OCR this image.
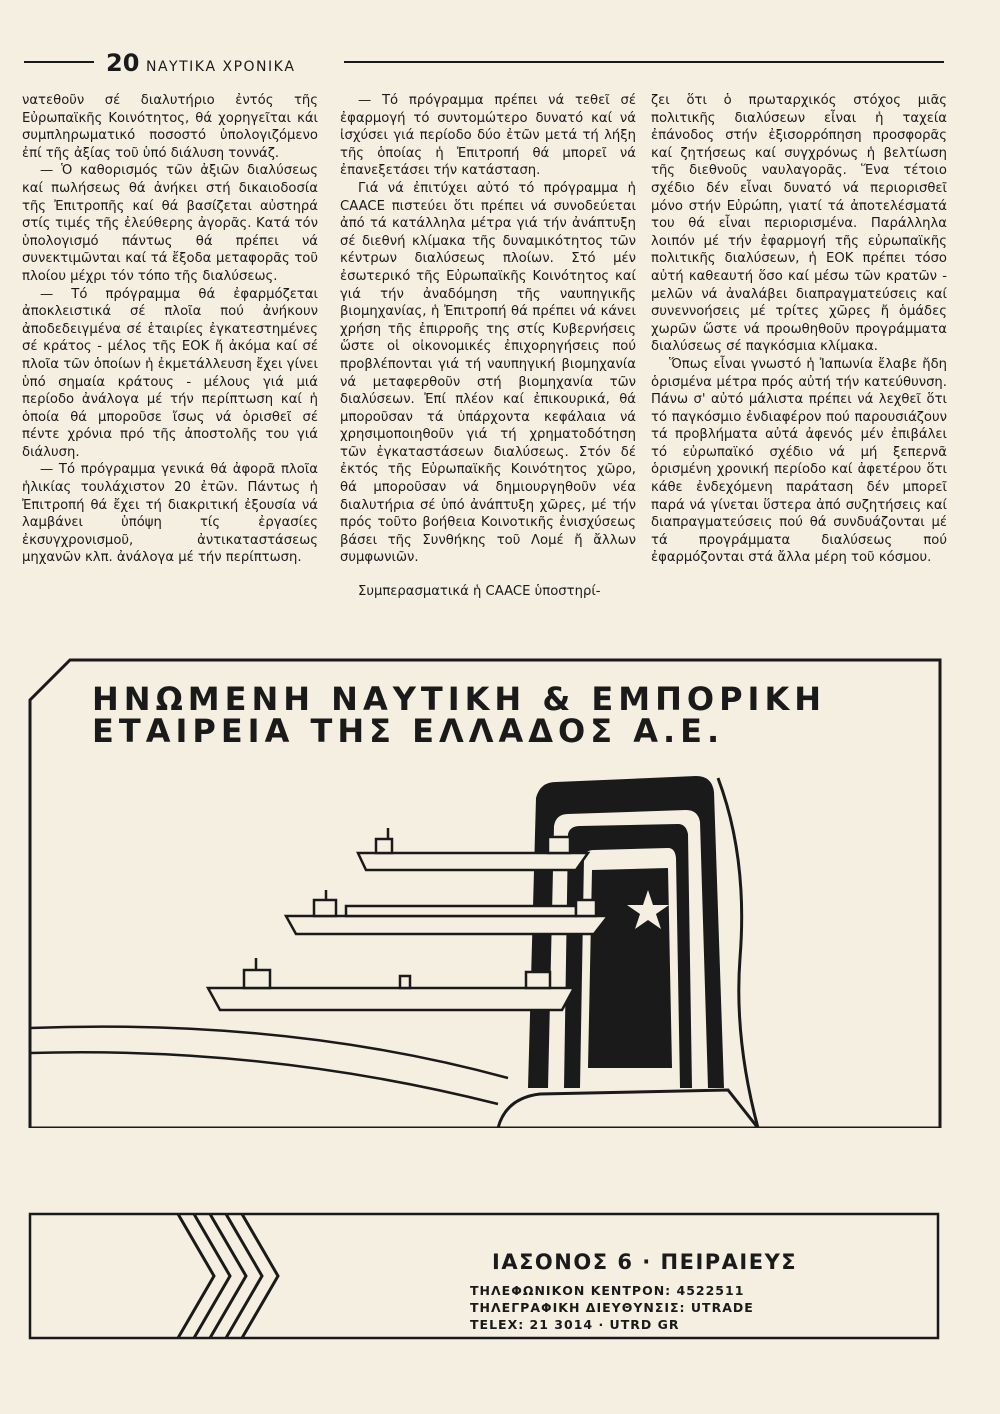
20 ΝΑΥΤΙΚΑ ΧΡΟΝΙΚΑ

νατεθοῦν σέ διαλυτήριο ἐντός τῆς Εὐρωπαϊκῆς Κοινότητος, θά χορηγεῖται κάι συμπληρωματικό ποσοστό ὑπολογιζόμενο ἐπί τῆς ἀξίας τοῦ ὑπό διάλυση τοννάζ.

— Ὁ καθορισμός τῶν ἀξιῶν διαλύσεως καί πωλήσεως θά ἀνήκει στή δικαιοδοσία τῆς Ἐπιτροπῆς καί θά βασίζεται αὐστηρά στίς τιμές τῆς ἐλεύθερης ἀγορᾶς. Κατά τόν ὑπολογισμό πάντως θά πρέπει νά συνεκτιμῶνται καί τά ἔξοδα μεταφορᾶς τοῦ πλοίου μέχρι τόν τόπο τῆς διαλύσεως.

— Τό πρόγραμμα θά ἐφαρμόζεται ἀποκλειστικά σέ πλοῖα πού ἀνήκουν ἀποδεδειγμένα σέ ἑταιρίες ἐγκατεστημένες σέ κράτος - μέλος τῆς ΕΟΚ ἤ ἀκόμα καί σέ πλοῖα τῶν ὁποίων ἡ ἐκμετάλλευση ἔχει γίνει ὑπό σημαία κράτους - μέλους γιά μιά περίοδο ἀνάλογα μέ τήν περίπτωση καί ἡ ὁποία θά μποροῦσε ἴσως νά ὁρισθεῖ σέ πέντε χρόνια πρό τῆς ἀποστολῆς του γιά διάλυση.

— Τό πρόγραμμα γενικά θά ἀφορᾶ πλοῖα ἡλικίας τουλάχιστον 20 ἐτῶν. Πάντως ἡ Ἐπιτροπή θά ἔχει τή διακριτική ἐξουσία νά λαμβάνει ὑπόψη τίς ἐργασίες ἐκσυγχρονισμοῦ, ἀντικαταστάσεως μηχανῶν κλπ. ἀνάλογα μέ τήν περίπτωση.

— Τό πρόγραμμα πρέπει νά τεθεῖ σέ ἐφαρμογή τό συντομώτερο δυνατό καί νά ἰσχύσει γιά περίοδο δύο ἐτῶν μετά τή λήξη τῆς ὁποίας ἡ Ἐπιτροπή θά μπορεῖ νά ἐπανεξετάσει τήν κατάσταση.

Γιά νά ἐπιτύχει αὐτό τό πρόγραμμα ἡ CAACE πιστεύει ὅτι πρέπει νά συνοδεύεται ἀπό τά κατάλληλα μέτρα γιά τήν ἀνάπτυξη σέ διεθνή κλίμακα τῆς δυναμικότητος τῶν κέντρων διαλύσεως πλοίων. Στό μέν ἐσωτερικό τῆς Εὐρωπαϊκῆς Κοινότητος καί γιά τήν ἀναδόμηση τῆς ναυπηγικῆς βιομηχανίας, ἡ Ἐπιτροπή θά πρέπει νά κάνει χρήση τῆς ἐπιρροῆς της στίς Κυβερνήσεις ὥστε οἱ οἰκονομικές ἐπιχορηγήσεις πού προβλέπονται γιά τή ναυπηγική βιομηχανία νά μεταφερθοῦν στή βιομηχανία τῶν διαλύσεων. Ἐπί πλέον καί ἐπικουρικά, θά μποροῦσαν τά ὑπάρχοντα κεφάλαια νά χρησιμοποιηθοῦν γιά τή χρηματοδότηση τῶν ἐγκαταστάσεων διαλύσεως. Στόν δέ ἐκτός τῆς Εὐρωπαϊκῆς Κοινότητος χῶρο, θά μποροῦσαν νά δημιουργηθοῦν νέα διαλυτήρια σέ ὑπό ἀνάπτυξη χῶρες, μέ τήν πρός τοῦτο βοήθεια Κοινοτικῆς ἐνισχύσεως βάσει τῆς Συνθήκης τοῦ Λομέ ἤ ἄλλων συμφωνιῶν.

Συμπερασματικά ἡ CAACE ὑποστηρί-

ζει ὅτι ὁ πρωταρχικός στόχος μιᾶς πολιτικῆς διαλύσεων εἶναι ἡ ταχεία ἐπάνοδος στήν ἐξισορρόπηση προσφορᾶς καί ζητήσεως καί συγχρόνως ἡ βελτίωση τῆς διεθνοῦς ναυλαγορᾶς. Ἕνα τέτοιο σχέδιο δέν εἶναι δυνατό νά περιορισθεῖ μόνο στήν Εὐρώπη, γιατί τά ἀποτελέσματά του θά εἶναι περιορισμένα. Παράλληλα λοιπόν μέ τήν ἐφαρμογή τῆς εὐρωπαϊκῆς πολιτικῆς διαλύσεων, ἡ ΕΟΚ πρέπει τόσο αὐτή καθεαυτή ὅσο καί μέσω τῶν κρατῶν - μελῶν νά ἀναλάβει διαπραγματεύσεις καί συνεννοήσεις μέ τρίτες χῶρες ἤ ὁμάδες χωρῶν ὥστε νά προωθηθοῦν προγράμματα διαλύσεως σέ παγκόσμια κλίμακα.

Ὅπως εἶναι γνωστό ἡ Ἰαπωνία ἔλαβε ἤδη ὁρισμένα μέτρα πρός αὐτή τήν κατεύθυνση. Πάνω σ' αὐτό μάλιστα πρέπει νά λεχθεῖ ὅτι τό παγκόσμιο ἐνδιαφέρον πού παρουσιάζουν τά προβλήματα αὐτά ἀφενός μέν ἐπιβάλει τό εὐρωπαϊκό σχέδιο νά μή ξεπερνᾶ ὁρισμένη χρονική περίοδο καί ἀφετέρου ὅτι κάθε ἐνδεχόμενη παράταση δέν μπορεῖ παρά νά γίνεται ὕστερα ἀπό συζητήσεις καί διαπραγματεύσεις πού θά συνδυάζονται μέ τά προγράμματα διαλύσεως πού ἐφαρμόζονται στά ἄλλα μέρη τοῦ κόσμου.

ΗΝΩΜΕΝΗ ΝΑΥΤΙΚΗ & ΕΜΠΟΡΙΚΗ
ΕΤΑΙΡΕΙΑ ΤΗΣ ΕΛΛΑΔΟΣ Α.Ε.
ΙΑΣΟΝΟΣ 6 · ΠΕΙΡΑΙΕΥΣ
ΤΗΛΕΦΩΝΙΚΟΝ ΚΕΝΤΡΟΝ: 4522511
ΤΗΛΕΓΡΑΦΙΚΗ ΔΙΕΥΘΥΝΣΙΣ: UTRADE
TELEX: 21 3014 · UTRD GR
